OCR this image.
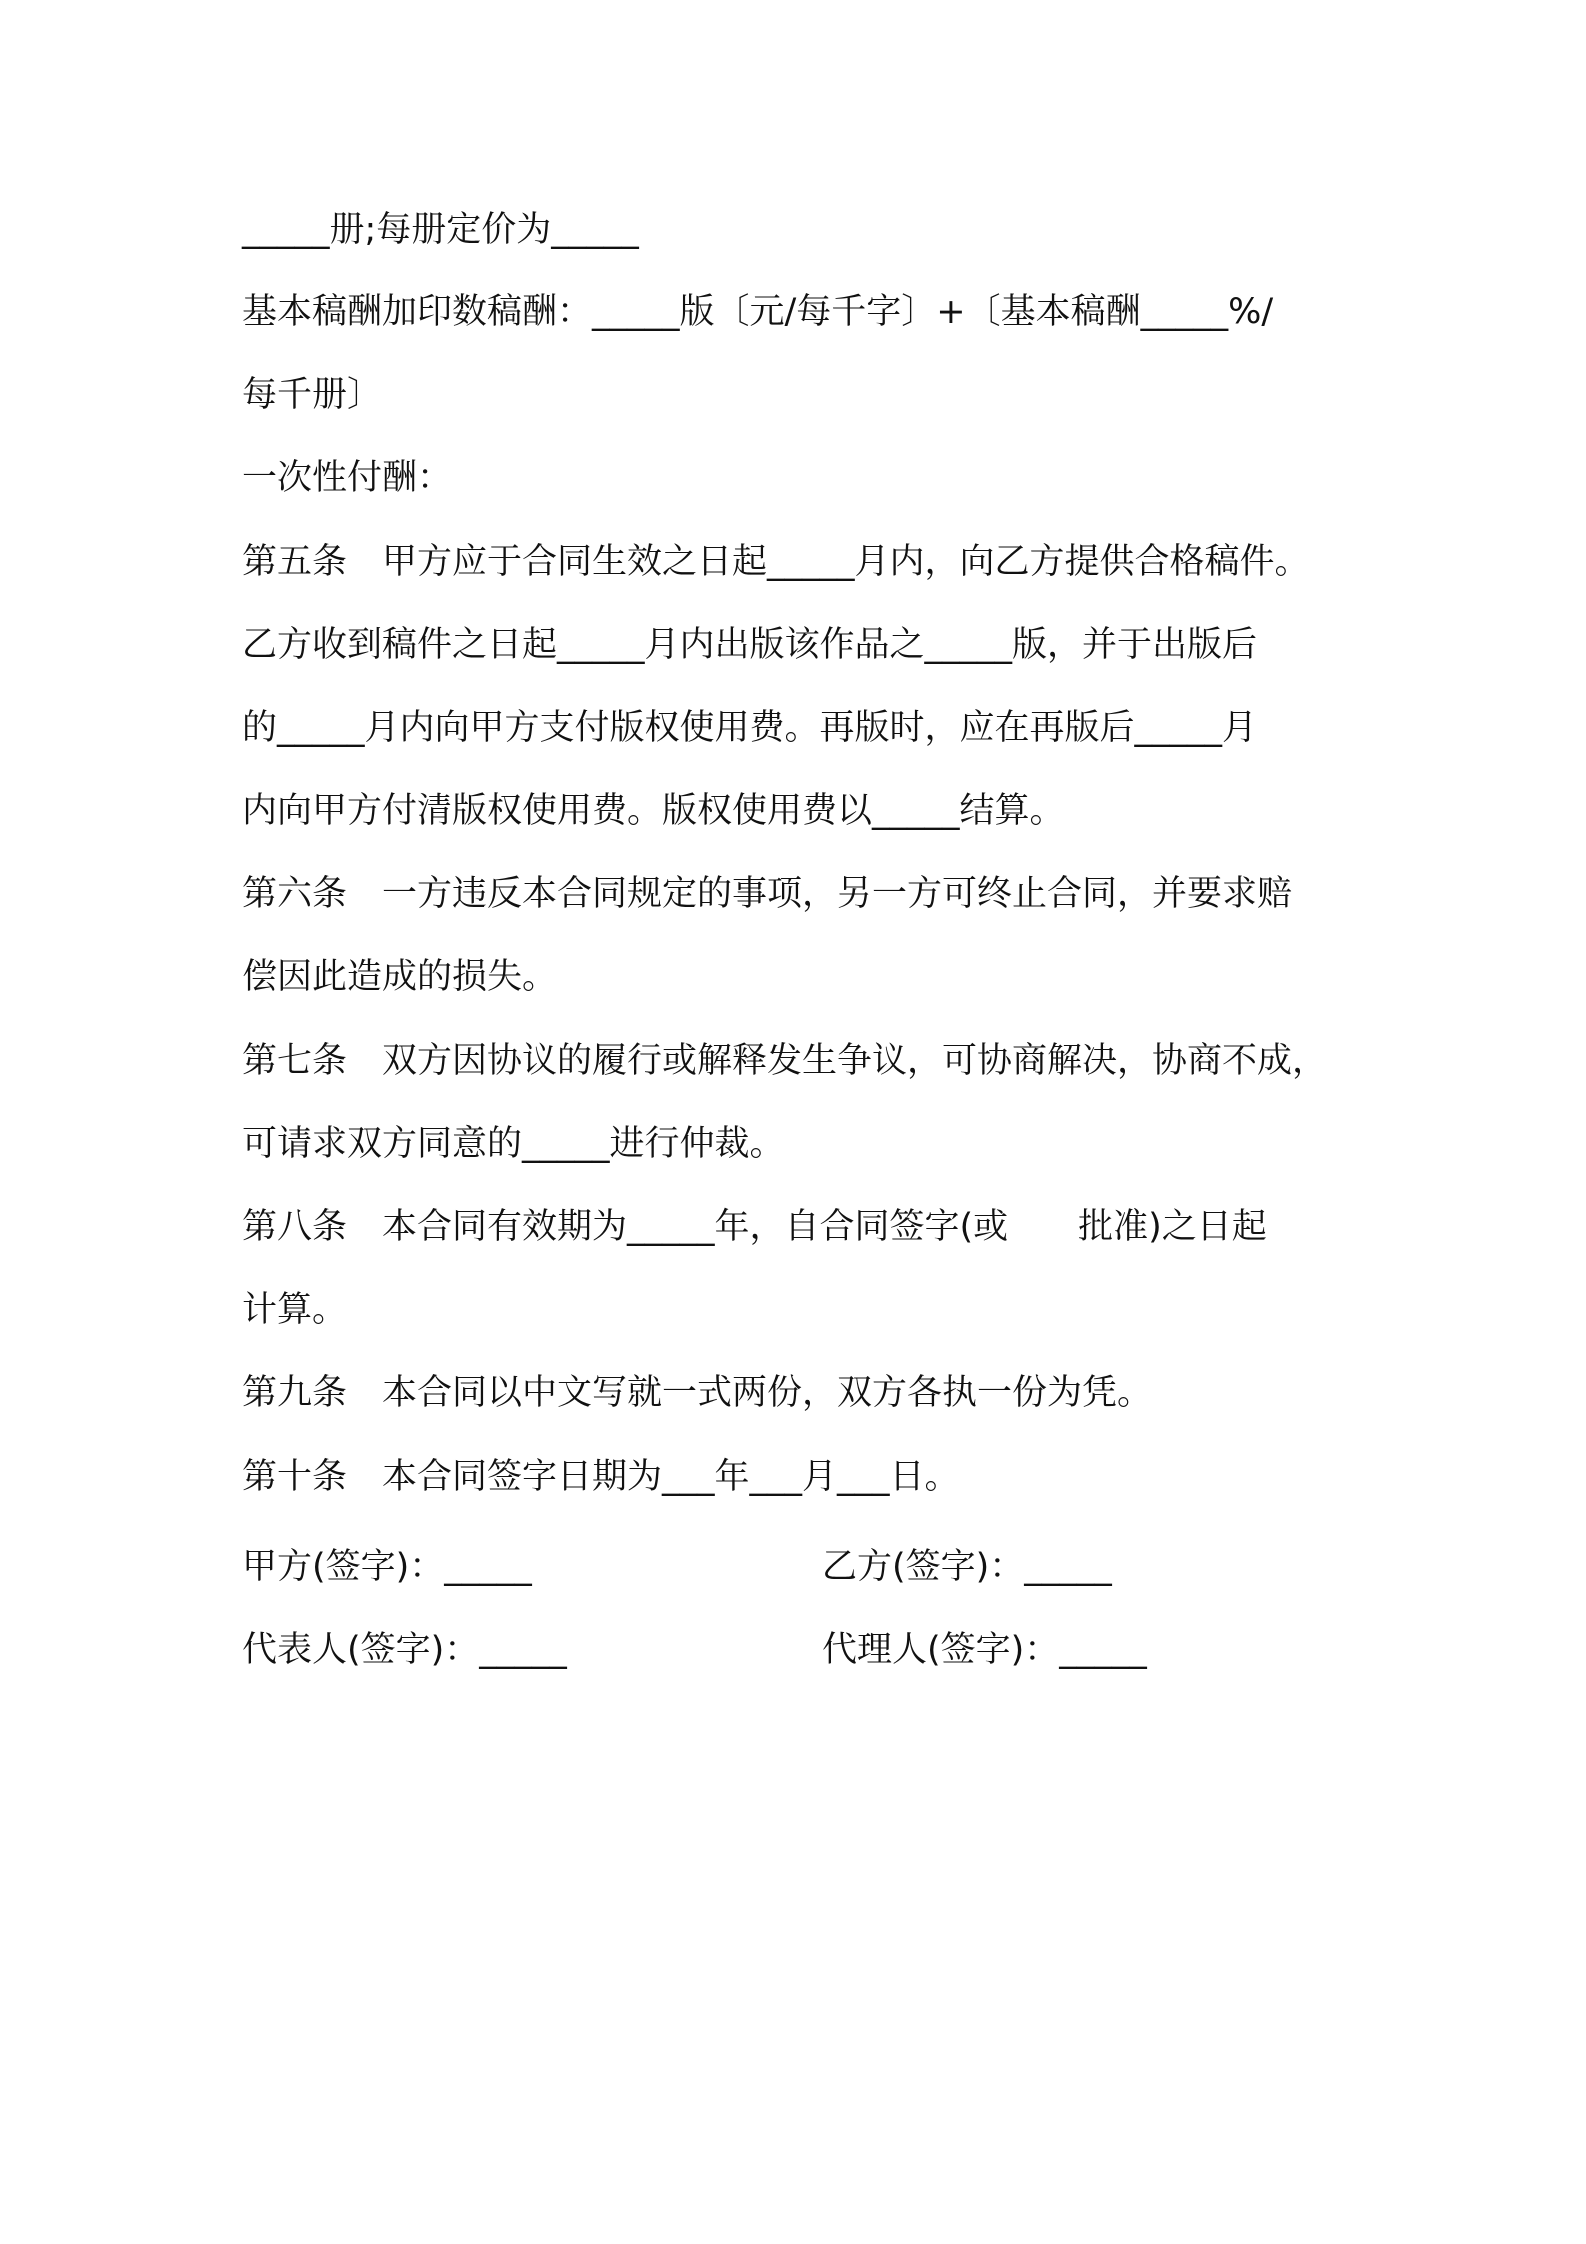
_____册;每册定价为_____

基本稿酬加印数稿酬：_____版〔元/每千字〕+〔基本稿酬_____%/

每千册〕

一次性付酬：

第五条　甲方应于合同生效之日起_____月内，向乙方提供合格稿件。

乙方收到稿件之日起_____月内出版该作品之_____版，并于出版后

的_____月内向甲方支付版权使用费。再版时，应在再版后_____月

内向甲方付清版权使用费。版权使用费以_____结算。

第六条　一方违反本合同规定的事项，另一方可终止合同，并要求赔

偿因此造成的损失。

第七条　双方因协议的履行或解释发生争议，可协商解决，协商不成，

可请求双方同意的_____进行仲裁。

第八条　本合同有效期为_____年，自合同签字(或　　批准)之日起

计算。

第九条　本合同以中文写就一式两份，双方各执一份为凭。

第十条　本合同签字日期为___年___月___日。

甲方(签字)：_____	乙方(签字)：_____

代表人(签字)：_____	代理人(签字)：_____
